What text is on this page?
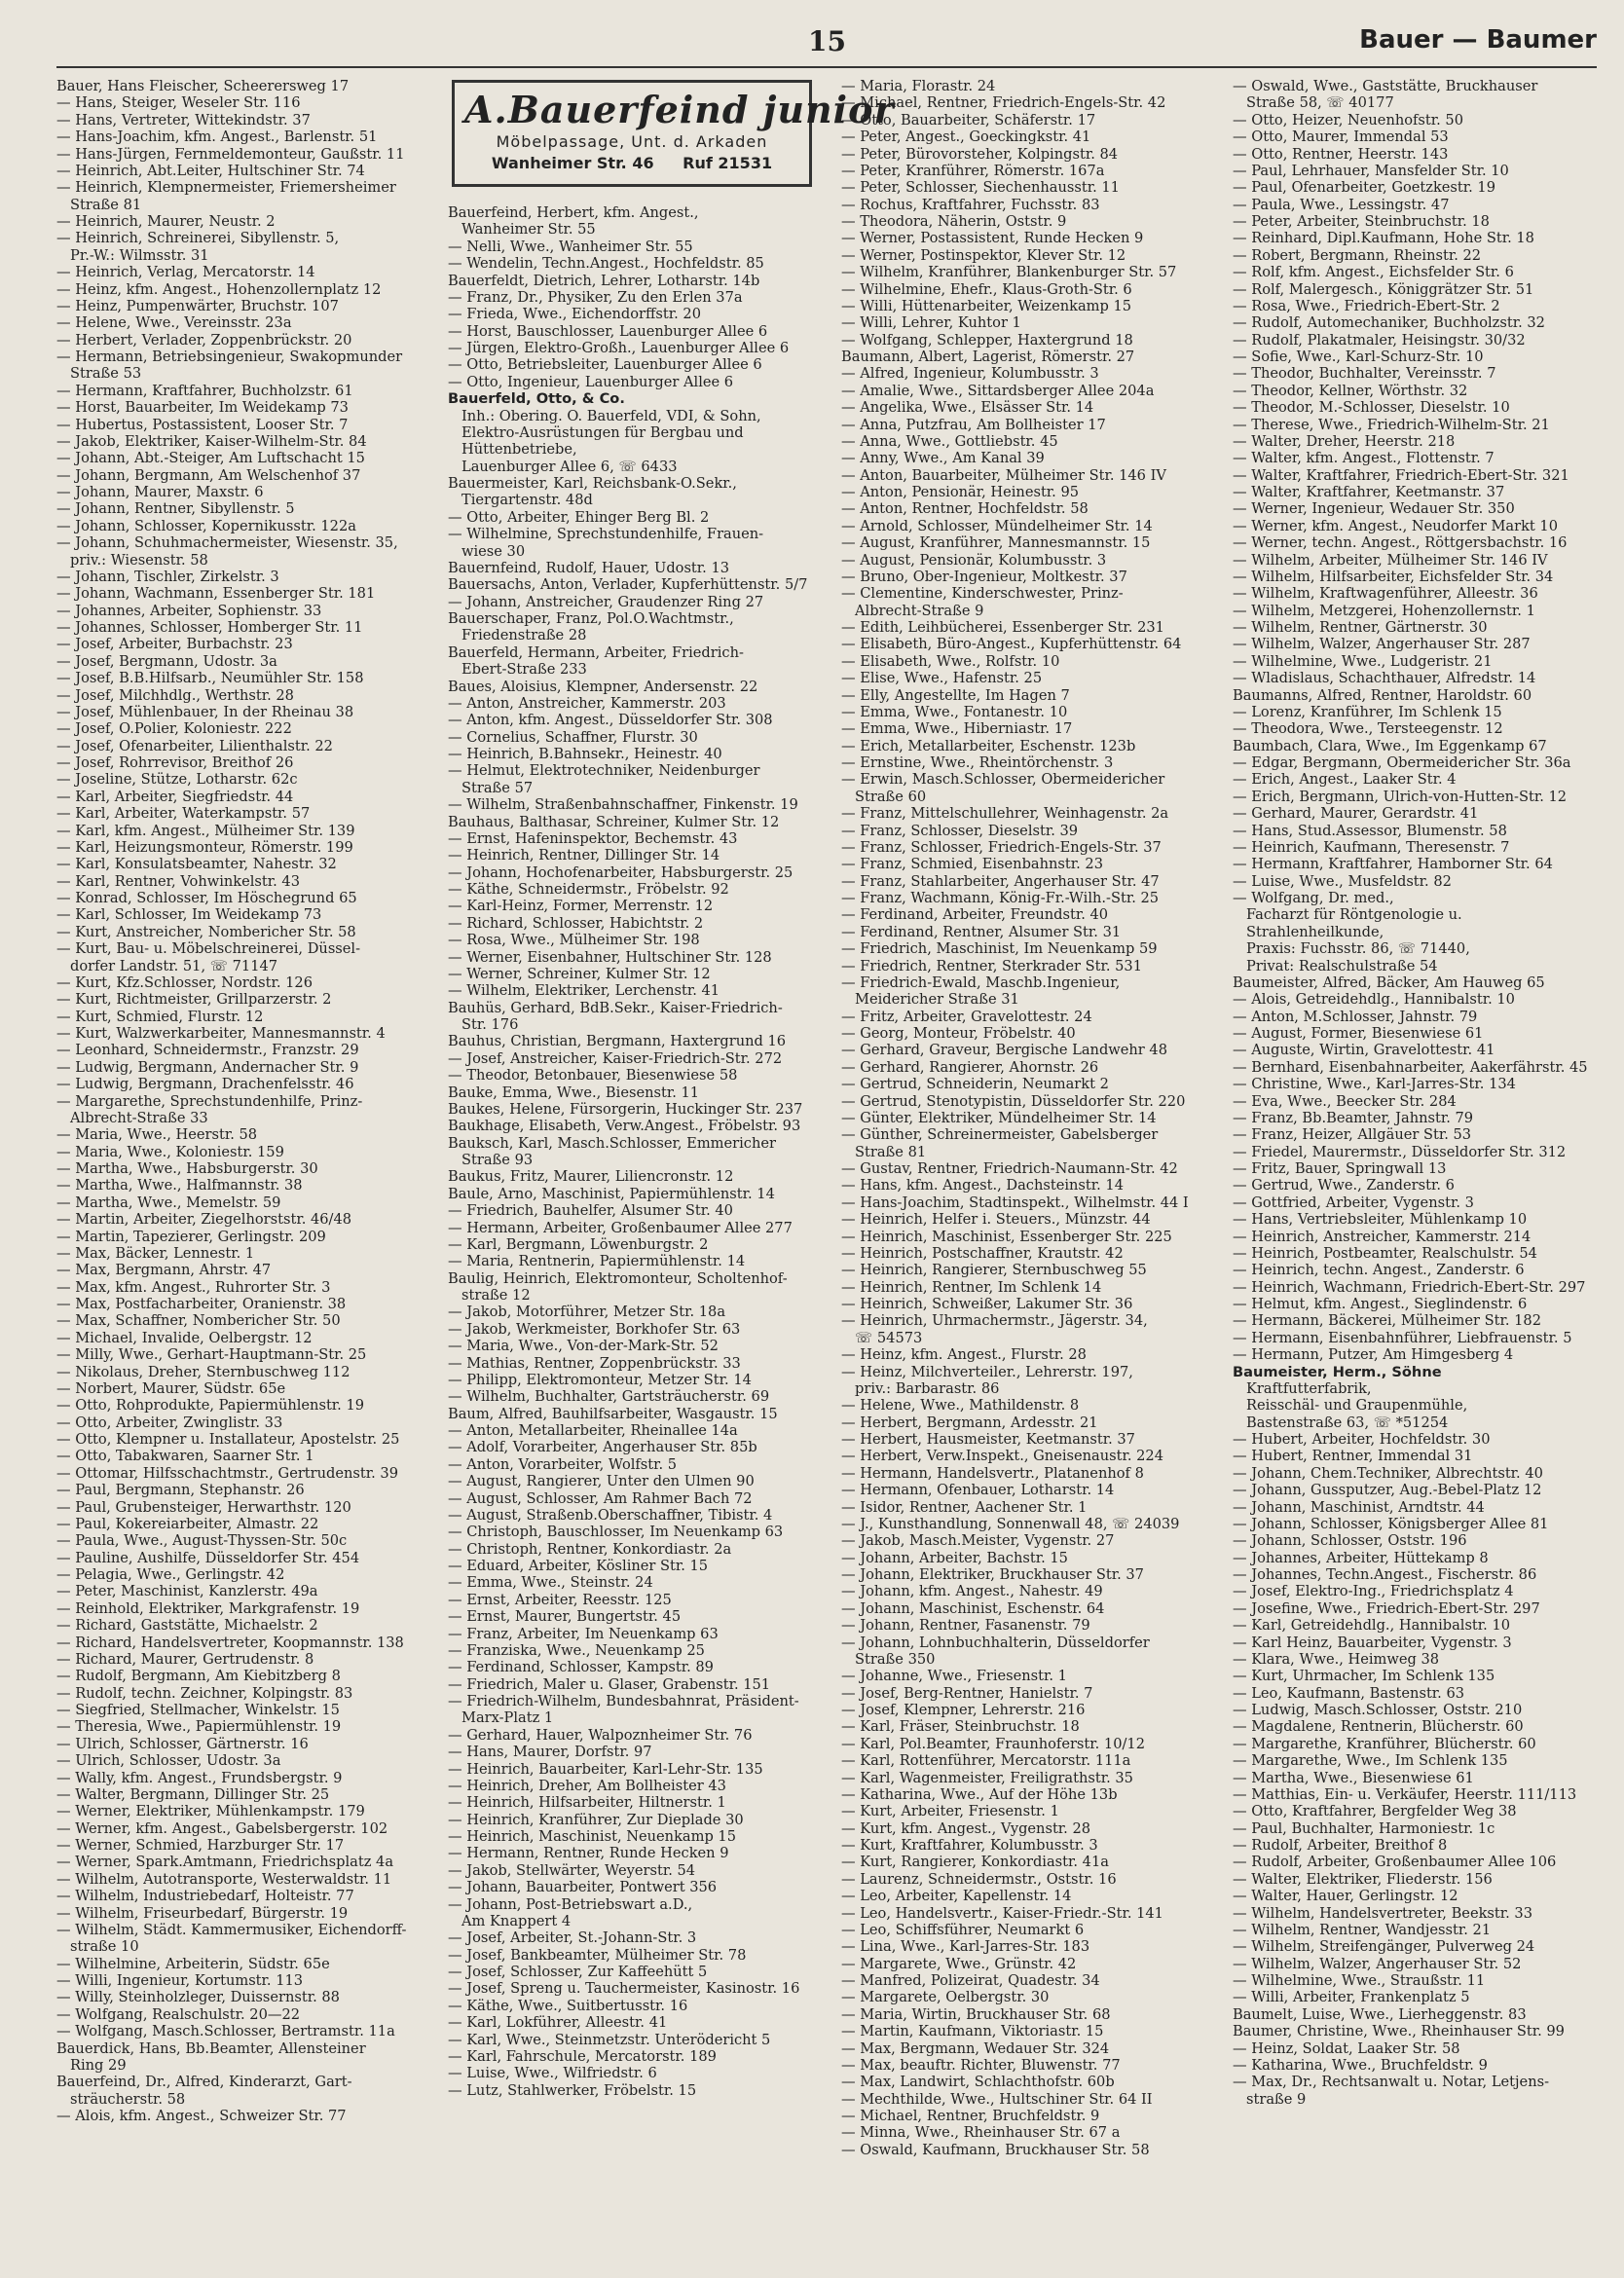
15	Bauer — Baumer
Bauer, Hans Fleischer, Scheerersweg 17
— Hans, Steiger, Weseler Str. 116
— Hans, Vertreter, Wittekindstr. 37
— Hans-Joachim, kfm. Angest., Barlenstr. 51
— Hans-Jürgen, Fernmeldemonteur, Gaußstr. 11
— Heinrich, Abt.Leiter, Hultschiner Str. 74
— Heinrich, Klempnermeister, Friemersheimer
Straße 81
— Heinrich, Maurer, Neustr. 2
— Heinrich, Schreinerei, Sibyllenstr. 5,
Pr.-W.: Wilmsstr. 31
— Heinrich, Verlag, Mercatorstr. 14
— Heinz, kfm. Angest., Hohenzollernplatz 12
— Heinz, Pumpenwärter, Bruchstr. 107
— Helene, Wwe., Vereinsstr. 23a
— Herbert, Verlader, Zoppenbrückstr. 20
— Hermann, Betriebsingenieur, Swakopmunder
Straße 53
— Hermann, Kraftfahrer, Buchholzstr. 61
— Horst, Bauarbeiter, Im Weidekamp 73
— Hubertus, Postassistent, Looser Str. 7
— Jakob, Elektriker, Kaiser-Wilhelm-Str. 84
— Johann, Abt.-Steiger, Am Luftschacht 15
— Johann, Bergmann, Am Welschenhof 37
— Johann, Maurer, Maxstr. 6
— Johann, Rentner, Sibyllenstr. 5
— Johann, Schlosser, Kopernikusstr. 122a
— Johann, Schuhmachermeister, Wiesenstr. 35,
priv.: Wiesenstr. 58
— Johann, Tischler, Zirkelstr. 3
— Johann, Wachmann, Essenberger Str. 181
— Johannes, Arbeiter, Sophienstr. 33
— Johannes, Schlosser, Homberger Str. 11
— Josef, Arbeiter, Burbachstr. 23
— Josef, Bergmann, Udostr. 3a
— Josef, B.B.Hilfsarb., Neumühler Str. 158
— Josef, Milchhdlg., Werthstr. 28
— Josef, Mühlenbauer, In der Rheinau 38
— Josef, O.Polier, Koloniestr. 222
— Josef, Ofenarbeiter, Lilienthalstr. 22
— Josef, Rohrrevisor, Breithof 26
— Joseline, Stütze, Lotharstr. 62c
— Karl, Arbeiter, Siegfriedstr. 44
— Karl, Arbeiter, Waterkampstr. 57
— Karl, kfm. Angest., Mülheimer Str. 139
— Karl, Heizungsmonteur, Römerstr. 199
— Karl, Konsulatsbeamter, Nahestr. 32
— Karl, Rentner, Vohwinkelstr. 43
— Konrad, Schlosser, Im Höschegrund 65
— Karl, Schlosser, Im Weidekamp 73
— Kurt, Anstreicher, Nombericher Str. 58
— Kurt, Bau- u. Möbelschreinerei, Düssel-
dorfer Landstr. 51, ☏ 71147
— Kurt, Kfz.Schlosser, Nordstr. 126
— Kurt, Richtmeister, Grillparzerstr. 2
— Kurt, Schmied, Flurstr. 12
— Kurt, Walzwerkarbeiter, Mannesmannstr. 4
— Leonhard, Schneidermstr., Franzstr. 29
— Ludwig, Bergmann, Andernacher Str. 9
— Ludwig, Bergmann, Drachenfelsstr. 46
— Margarethe, Sprechstundenhilfe, Prinz-
Albrecht-Straße 33
— Maria, Wwe., Heerstr. 58
— Maria, Wwe., Koloniestr. 159
— Martha, Wwe., Habsburgerstr. 30
— Martha, Wwe., Halfmannstr. 38
— Martha, Wwe., Memelstr. 59
— Martin, Arbeiter, Ziegelhorststr. 46/48
— Martin, Tapezierer, Gerlingstr. 209
— Max, Bäcker, Lennestr. 1
— Max, Bergmann, Ahrstr. 47
— Max, kfm. Angest., Ruhrorter Str. 3
— Max, Postfacharbeiter, Oranienstr. 38
— Max, Schaffner, Nombericher Str. 50
— Michael, Invalide, Oelbergstr. 12
— Milly, Wwe., Gerhart-Hauptmann-Str. 25
— Nikolaus, Dreher, Sternbuschweg 112
— Norbert, Maurer, Südstr. 65e
— Otto, Rohprodukte, Papiermühlenstr. 19
— Otto, Arbeiter, Zwinglistr. 33
— Otto, Klempner u. Installateur, Apostelstr. 25
— Otto, Tabakwaren, Saarner Str. 1
— Ottomar, Hilfsschachtmstr., Gertrudenstr. 39
— Paul, Bergmann, Stephanstr. 26
— Paul, Grubensteiger, Herwarthstr. 120
— Paul, Kokereiarbeiter, Almastr. 22
— Paula, Wwe., August-Thyssen-Str. 50c
— Pauline, Aushilfe, Düsseldorfer Str. 454
— Pelagia, Wwe., Gerlingstr. 42
— Peter, Maschinist, Kanzlerstr. 49a
— Reinhold, Elektriker, Markgrafenstr. 19
— Richard, Gaststätte, Michaelstr. 2
— Richard, Handelsvertreter, Koopmannstr. 138
— Richard, Maurer, Gertrudenstr. 8
— Rudolf, Bergmann, Am Kiebitzberg 8
— Rudolf, techn. Zeichner, Kolpingstr. 83
— Siegfried, Stellmacher, Winkelstr. 15
— Theresia, Wwe., Papiermühlenstr. 19
— Ulrich, Schlosser, Gärtnerstr. 16
— Ulrich, Schlosser, Udostr. 3a
— Wally, kfm. Angest., Frundsbergstr. 9
— Walter, Bergmann, Dillinger Str. 25
— Werner, Elektriker, Mühlenkampstr. 179
— Werner, kfm. Angest., Gabelsbergerstr. 102
— Werner, Schmied, Harzburger Str. 17
— Werner, Spark.Amtmann, Friedrichsplatz 4a
— Wilhelm, Autotransporte, Westerwaldstr. 11
— Wilhelm, Industriebedarf, Holteistr. 77
— Wilhelm, Friseurbedarf, Bürgerstr. 19
— Wilhelm, Städt. Kammermusiker, Eichendorff-
straße 10
— Wilhelmine, Arbeiterin, Südstr. 65e
— Willi, Ingenieur, Kortumstr. 113
— Willy, Steinholzleger, Duissernstr. 88
— Wolfgang, Realschulstr. 20—22
— Wolfgang, Masch.Schlosser, Bertramstr. 11a
Bauerdick, Hans, Bb.Beamter, Allensteiner
Ring 29
Bauerfeind, Dr., Alfred, Kinderarzt, Gart-
sträucherstr. 58
— Alois, kfm. Angest., Schweizer Str. 77
A.Bauerfeind junior
Möbelpassage, Unt. d. Arkaden
Wanheimer Str. 46 Ruf 21531
Bauerfeind, Herbert, kfm. Angest.,
Wanheimer Str. 55
— Nelli, Wwe., Wanheimer Str. 55
— Wendelin, Techn.Angest., Hochfeldstr. 85
Bauerfeldt, Dietrich, Lehrer, Lotharstr. 14b
— Franz, Dr., Physiker, Zu den Erlen 37a
— Frieda, Wwe., Eichendorffstr. 20
— Horst, Bauschlosser, Lauenburger Allee 6
— Jürgen, Elektro-Großh., Lauenburger Allee 6
— Otto, Betriebsleiter, Lauenburger Allee 6
— Otto, Ingenieur, Lauenburger Allee 6
Bauerfeld, Otto, & Co.
Inh.: Obering. O. Bauerfeld, VDI, & Sohn,
Elektro-Ausrüstungen für Bergbau und
Hüttenbetriebe,
Lauenburger Allee 6, ☏ 6433
Bauermeister, Karl, Reichsbank-O.Sekr.,
Tiergartenstr. 48d
— Otto, Arbeiter, Ehinger Berg Bl. 2
— Wilhelmine, Sprechstundenhilfe, Frauen-
wiese 30
Bauernfeind, Rudolf, Hauer, Udostr. 13
Bauersachs, Anton, Verlader, Kupferhüttenstr. 5/7
— Johann, Anstreicher, Graudenzer Ring 27
Bauerschaper, Franz, Pol.O.Wachtmstr.,
Friedenstraße 28
Bauerfeld, Hermann, Arbeiter, Friedrich-
Ebert-Straße 233
Baues, Aloisius, Klempner, Andersenstr. 22
— Anton, Anstreicher, Kammerstr. 203
— Anton, kfm. Angest., Düsseldorfer Str. 308
— Cornelius, Schaffner, Flurstr. 30
— Heinrich, B.Bahnsekr., Heinestr. 40
— Helmut, Elektrotechniker, Neidenburger
Straße 57
— Wilhelm, Straßenbahnschaffner, Finkenstr. 19
Bauhaus, Balthasar, Schreiner, Kulmer Str. 12
— Ernst, Hafeninspektor, Bechemstr. 43
— Heinrich, Rentner, Dillinger Str. 14
— Johann, Hochofenarbeiter, Habsburgerstr. 25
— Käthe, Schneidermstr., Fröbelstr. 92
— Karl-Heinz, Former, Merrenstr. 12
— Richard, Schlosser, Habichtstr. 2
— Rosa, Wwe., Mülheimer Str. 198
— Werner, Eisenbahner, Hultschiner Str. 128
— Werner, Schreiner, Kulmer Str. 12
— Wilhelm, Elektriker, Lerchenstr. 41
Bauhüs, Gerhard, BdB.Sekr., Kaiser-Friedrich-
Str. 176
Bauhus, Christian, Bergmann, Haxtergrund 16
— Josef, Anstreicher, Kaiser-Friedrich-Str. 272
— Theodor, Betonbauer, Biesenwiese 58
Bauke, Emma, Wwe., Biesenstr. 11
Baukes, Helene, Fürsorgerin, Huckinger Str. 237
Baukhage, Elisabeth, Verw.Angest., Fröbelstr. 93
Bauksch, Karl, Masch.Schlosser, Emmericher
Straße 93
Baukus, Fritz, Maurer, Liliencronstr. 12
Baule, Arno, Maschinist, Papiermühlenstr. 14
— Friedrich, Bauhelfer, Alsumer Str. 40
— Hermann, Arbeiter, Großenbaumer Allee 277
— Karl, Bergmann, Löwenburgstr. 2
— Maria, Rentnerin, Papiermühlenstr. 14
Baulig, Heinrich, Elektromonteur, Scholtenhof-
straße 12
— Jakob, Motorführer, Metzer Str. 18a
— Jakob, Werkmeister, Borkhofer Str. 63
— Maria, Wwe., Von-der-Mark-Str. 52
— Mathias, Rentner, Zoppenbrückstr. 33
— Philipp, Elektromonteur, Metzer Str. 14
— Wilhelm, Buchhalter, Gartsträucherstr. 69
Baum, Alfred, Bauhilfsarbeiter, Wasgaustr. 15
— Anton, Metallarbeiter, Rheinallee 14a
— Adolf, Vorarbeiter, Angerhauser Str. 85b
— Anton, Vorarbeiter, Wolfstr. 5
— August, Rangierer, Unter den Ulmen 90
— August, Schlosser, Am Rahmer Bach 72
— August, Straßenb.Oberschaffner, Tibistr. 4
— Christoph, Bauschlosser, Im Neuenkamp 63
— Christoph, Rentner, Konkordiastr. 2a
— Eduard, Arbeiter, Kösliner Str. 15
— Emma, Wwe., Steinstr. 24
— Ernst, Arbeiter, Reesstr. 125
— Ernst, Maurer, Bungertstr. 45
— Franz, Arbeiter, Im Neuenkamp 63
— Franziska, Wwe., Neuenkamp 25
— Ferdinand, Schlosser, Kampstr. 89
— Friedrich, Maler u. Glaser, Grabenstr. 151
— Friedrich-Wilhelm, Bundesbahnrat, Präsident-
Marx-Platz 1
— Gerhard, Hauer, Walpoznheimer Str. 76
— Hans, Maurer, Dorfstr. 97
— Heinrich, Bauarbeiter, Karl-Lehr-Str. 135
— Heinrich, Dreher, Am Bollheister 43
— Heinrich, Hilfsarbeiter, Hiltnerstr. 1
— Heinrich, Kranführer, Zur Dieplade 30
— Heinrich, Maschinist, Neuenkamp 15
— Hermann, Rentner, Runde Hecken 9
— Jakob, Stellwärter, Weyerstr. 54
— Johann, Bauarbeiter, Pontwert 356
— Johann, Post-Betriebswart a.D.,
Am Knappert 4
— Josef, Arbeiter, St.-Johann-Str. 3
— Josef, Bankbeamter, Mülheimer Str. 78
— Josef, Schlosser, Zur Kaffeehütt 5
— Josef, Spreng u. Tauchermeister, Kasinostr. 16
— Käthe, Wwe., Suitbertusstr. 16
— Karl, Lokführer, Alleestr. 41
— Karl, Wwe., Steinmetzstr. Unterödericht 5
— Karl, Fahrschule, Mercatorstr. 189
— Luise, Wwe., Wilfriedstr. 6
— Lutz, Stahlwerker, Fröbelstr. 15
— Maria, Florastr. 24
— Michael, Rentner, Friedrich-Engels-Str. 42
— Otto, Bauarbeiter, Schäferstr. 17
— Peter, Angest., Goeckingkstr. 41
— Peter, Bürovorsteher, Kolpingstr. 84
— Peter, Kranführer, Römerstr. 167a
— Peter, Schlosser, Siechenhausstr. 11
— Rochus, Kraftfahrer, Fuchsstr. 83
— Theodora, Näherin, Oststr. 9
— Werner, Postassistent, Runde Hecken 9
— Werner, Postinspektor, Klever Str. 12
— Wilhelm, Kranführer, Blankenburger Str. 57
— Wilhelmine, Ehefr., Klaus-Groth-Str. 6
— Willi, Hüttenarbeiter, Weizenkamp 15
— Willi, Lehrer, Kuhtor 1
— Wolfgang, Schlepper, Haxtergrund 18
Baumann, Albert, Lagerist, Römerstr. 27
— Alfred, Ingenieur, Kolumbusstr. 3
— Amalie, Wwe., Sittardsberger Allee 204a
— Angelika, Wwe., Elsässer Str. 14
— Anna, Putzfrau, Am Bollheister 17
— Anna, Wwe., Gottliebstr. 45
— Anny, Wwe., Am Kanal 39
— Anton, Bauarbeiter, Mülheimer Str. 146 IV
— Anton, Pensionär, Heinestr. 95
— Anton, Rentner, Hochfeldstr. 58
— Arnold, Schlosser, Mündelheimer Str. 14
— August, Kranführer, Mannesmannstr. 15
— August, Pensionär, Kolumbusstr. 3
— Bruno, Ober-Ingenieur, Moltkestr. 37
— Clementine, Kinderschwester, Prinz-
Albrecht-Straße 9
— Edith, Leihbücherei, Essenberger Str. 231
— Elisabeth, Büro-Angest., Kupferhüttenstr. 64
— Elisabeth, Wwe., Rolfstr. 10
— Elise, Wwe., Hafenstr. 25
— Elly, Angestellte, Im Hagen 7
— Emma, Wwe., Fontanestr. 10
— Emma, Wwe., Hiberniastr. 17
— Erich, Metallarbeiter, Eschenstr. 123b
— Ernstine, Wwe., Rheintörchenstr. 3
— Erwin, Masch.Schlosser, Obermeidericher
Straße 60
— Franz, Mittelschullehrer, Weinhagenstr. 2a
— Franz, Schlosser, Dieselstr. 39
— Franz, Schlosser, Friedrich-Engels-Str. 37
— Franz, Schmied, Eisenbahnstr. 23
— Franz, Stahlarbeiter, Angerhauser Str. 47
— Franz, Wachmann, König-Fr.-Wilh.-Str. 25
— Ferdinand, Arbeiter, Freundstr. 40
— Ferdinand, Rentner, Alsumer Str. 31
— Friedrich, Maschinist, Im Neuenkamp 59
— Friedrich, Rentner, Sterkrader Str. 531
— Friedrich-Ewald, Maschb.Ingenieur,
Meidericher Straße 31
— Fritz, Arbeiter, Gravelottestr. 24
— Georg, Monteur, Fröbelstr. 40
— Gerhard, Graveur, Bergische Landwehr 48
— Gerhard, Rangierer, Ahornstr. 26
— Gertrud, Schneiderin, Neumarkt 2
— Gertrud, Stenotypistin, Düsseldorfer Str. 220
— Günter, Elektriker, Mündelheimer Str. 14
— Günther, Schreinermeister, Gabelsberger
Straße 81
— Gustav, Rentner, Friedrich-Naumann-Str. 42
— Hans, kfm. Angest., Dachsteinstr. 14
— Hans-Joachim, Stadtinspekt., Wilhelmstr. 44 I
— Heinrich, Helfer i. Steuers., Münzstr. 44
— Heinrich, Maschinist, Essenberger Str. 225
— Heinrich, Postschaffner, Krautstr. 42
— Heinrich, Rangierer, Sternbuschweg 55
— Heinrich, Rentner, Im Schlenk 14
— Heinrich, Schweißer, Lakumer Str. 36
— Heinrich, Uhrmachermstr., Jägerstr. 34,
☏ 54573
— Heinz, kfm. Angest., Flurstr. 28
— Heinz, Milchverteiler., Lehrerstr. 197,
priv.: Barbarastr. 86
— Helene, Wwe., Mathildenstr. 8
— Herbert, Bergmann, Ardesstr. 21
— Herbert, Hausmeister, Keetmanstr. 37
— Herbert, Verw.Inspekt., Gneisenaustr. 224
— Hermann, Handelsvertr., Platanenhof 8
— Hermann, Ofenbauer, Lotharstr. 14
— Isidor, Rentner, Aachener Str. 1
— J., Kunsthandlung, Sonnenwall 48, ☏ 24039
— Jakob, Masch.Meister, Vygenstr. 27
— Johann, Arbeiter, Bachstr. 15
— Johann, Elektriker, Bruckhauser Str. 37
— Johann, kfm. Angest., Nahestr. 49
— Johann, Maschinist, Eschenstr. 64
— Johann, Rentner, Fasanenstr. 79
— Johann, Lohnbuchhalterin, Düsseldorfer
Straße 350
— Johanne, Wwe., Friesenstr. 1
— Josef, Berg-Rentner, Hanielstr. 7
— Josef, Klempner, Lehrerstr. 216
— Karl, Fräser, Steinbruchstr. 18
— Karl, Pol.Beamter, Fraunhoferstr. 10/12
— Karl, Rottenführer, Mercatorstr. 111a
— Karl, Wagenmeister, Freiligrathstr. 35
— Katharina, Wwe., Auf der Höhe 13b
— Kurt, Arbeiter, Friesenstr. 1
— Kurt, kfm. Angest., Vygenstr. 28
— Kurt, Kraftfahrer, Kolumbusstr. 3
— Kurt, Rangierer, Konkordiastr. 41a
— Laurenz, Schneidermstr., Oststr. 16
— Leo, Arbeiter, Kapellenstr. 14
— Leo, Handelsvertr., Kaiser-Friedr.-Str. 141
— Leo, Schiffsführer, Neumarkt 6
— Lina, Wwe., Karl-Jarres-Str. 183
— Margarete, Wwe., Grünstr. 42
— Manfred, Polizeirat, Quadestr. 34
— Margarete, Oelbergstr. 30
— Maria, Wirtin, Bruckhauser Str. 68
— Martin, Kaufmann, Viktoriastr. 15
— Max, Bergmann, Wedauer Str. 324
— Max, beauftr. Richter, Bluwenstr. 77
— Max, Landwirt, Schlachthofstr. 60b
— Mechthilde, Wwe., Hultschiner Str. 64 II
— Michael, Rentner, Bruchfeldstr. 9
— Minna, Wwe., Rheinhauser Str. 67 a
— Oswald, Kaufmann, Bruckhauser Str. 58
— Oswald, Wwe., Gaststätte, Bruckhauser
Straße 58, ☏ 40177
— Otto, Heizer, Neuenhofstr. 50
— Otto, Maurer, Immendal 53
— Otto, Rentner, Heerstr. 143
— Paul, Lehrhauer, Mansfelder Str. 10
— Paul, Ofenarbeiter, Goetzkestr. 19
— Paula, Wwe., Lessingstr. 47
— Peter, Arbeiter, Steinbruchstr. 18
— Reinhard, Dipl.Kaufmann, Hohe Str. 18
— Robert, Bergmann, Rheinstr. 22
— Rolf, kfm. Angest., Eichsfelder Str. 6
— Rolf, Malergesch., Königgrätzer Str. 51
— Rosa, Wwe., Friedrich-Ebert-Str. 2
— Rudolf, Automechaniker, Buchholzstr. 32
— Rudolf, Plakatmaler, Heisingstr. 30/32
— Sofie, Wwe., Karl-Schurz-Str. 10
— Theodor, Buchhalter, Vereinsstr. 7
— Theodor, Kellner, Wörthstr. 32
— Theodor, M.-Schlosser, Dieselstr. 10
— Therese, Wwe., Friedrich-Wilhelm-Str. 21
— Walter, Dreher, Heerstr. 218
— Walter, kfm. Angest., Flottenstr. 7
— Walter, Kraftfahrer, Friedrich-Ebert-Str. 321
— Walter, Kraftfahrer, Keetmanstr. 37
— Werner, Ingenieur, Wedauer Str. 350
— Werner, kfm. Angest., Neudorfer Markt 10
— Werner, techn. Angest., Röttgersbachstr. 16
— Wilhelm, Arbeiter, Mülheimer Str. 146 IV
— Wilhelm, Hilfsarbeiter, Eichsfelder Str. 34
— Wilhelm, Kraftwagenführer, Alleestr. 36
— Wilhelm, Metzgerei, Hohenzollernstr. 1
— Wilhelm, Rentner, Gärtnerstr. 30
— Wilhelm, Walzer, Angerhauser Str. 287
— Wilhelmine, Wwe., Ludgeristr. 21
— Wladislaus, Schachthauer, Alfredstr. 14
Baumanns, Alfred, Rentner, Haroldstr. 60
— Lorenz, Kranführer, Im Schlenk 15
— Theodora, Wwe., Tersteegenstr. 12
Baumbach, Clara, Wwe., Im Eggenkamp 67
— Edgar, Bergmann, Obermeidericher Str. 36a
— Erich, Angest., Laaker Str. 4
— Erich, Bergmann, Ulrich-von-Hutten-Str. 12
— Gerhard, Maurer, Gerardstr. 41
— Hans, Stud.Assessor, Blumenstr. 58
— Heinrich, Kaufmann, Theresenstr. 7
— Hermann, Kraftfahrer, Hamborner Str. 64
— Luise, Wwe., Musfeldstr. 82
— Wolfgang, Dr. med.,
Facharzt für Röntgenologie u.
Strahlenheilkunde,
Praxis: Fuchsstr. 86, ☏ 71440,
Privat: Realschulstraße 54
Baumeister, Alfred, Bäcker, Am Hauweg 65
— Alois, Getreidehdlg., Hannibalstr. 10
— Anton, M.Schlosser, Jahnstr. 79
— August, Former, Biesenwiese 61
— Auguste, Wirtin, Gravelottestr. 41
— Bernhard, Eisenbahnarbeiter, Aakerfährstr. 45
— Christine, Wwe., Karl-Jarres-Str. 134
— Eva, Wwe., Beecker Str. 284
— Franz, Bb.Beamter, Jahnstr. 79
— Franz, Heizer, Allgäuer Str. 53
— Friedel, Maurermstr., Düsseldorfer Str. 312
— Fritz, Bauer, Springwall 13
— Gertrud, Wwe., Zanderstr. 6
— Gottfried, Arbeiter, Vygenstr. 3
— Hans, Vertriebsleiter, Mühlenkamp 10
— Heinrich, Anstreicher, Kammerstr. 214
— Heinrich, Postbeamter, Realschulstr. 54
— Heinrich, techn. Angest., Zanderstr. 6
— Heinrich, Wachmann, Friedrich-Ebert-Str. 297
— Helmut, kfm. Angest., Sieglindenstr. 6
— Hermann, Bäckerei, Mülheimer Str. 182
— Hermann, Eisenbahnführer, Liebfrauenstr. 5
— Hermann, Putzer, Am Himgesberg 4
Baumeister, Herm., Söhne
Kraftfutterfabrik,
Reisschäl- und Graupenmühle,
Bastenstraße 63, ☏ *51254
— Hubert, Arbeiter, Hochfeldstr. 30
— Hubert, Rentner, Immendal 31
— Johann, Chem.Techniker, Albrechtstr. 40
— Johann, Gussputzer, Aug.-Bebel-Platz 12
— Johann, Maschinist, Arndtstr. 44
— Johann, Schlosser, Königsberger Allee 81
— Johann, Schlosser, Oststr. 196
— Johannes, Arbeiter, Hüttekamp 8
— Johannes, Techn.Angest., Fischerstr. 86
— Josef, Elektro-Ing., Friedrichsplatz 4
— Josefine, Wwe., Friedrich-Ebert-Str. 297
— Karl, Getreidehdlg., Hannibalstr. 10
— Karl Heinz, Bauarbeiter, Vygenstr. 3
— Klara, Wwe., Heimweg 38
— Kurt, Uhrmacher, Im Schlenk 135
— Leo, Kaufmann, Bastenstr. 63
— Ludwig, Masch.Schlosser, Oststr. 210
— Magdalene, Rentnerin, Blücherstr. 60
— Margarethe, Kranführer, Blücherstr. 60
— Margarethe, Wwe., Im Schlenk 135
— Martha, Wwe., Biesenwiese 61
— Matthias, Ein- u. Verkäufer, Heerstr. 111/113
— Otto, Kraftfahrer, Bergfelder Weg 38
— Paul, Buchhalter, Harmoniestr. 1c
— Rudolf, Arbeiter, Breithof 8
— Rudolf, Arbeiter, Großenbaumer Allee 106
— Walter, Elektriker, Fliederstr. 156
— Walter, Hauer, Gerlingstr. 12
— Wilhelm, Handelsvertreter, Beekstr. 33
— Wilhelm, Rentner, Wandjesstr. 21
— Wilhelm, Streifengänger, Pulverweg 24
— Wilhelm, Walzer, Angerhauser Str. 52
— Wilhelmine, Wwe., Straußstr. 11
— Willi, Arbeiter, Frankenplatz 5
Baumelt, Luise, Wwe., Lierheggenstr. 83
Baumer, Christine, Wwe., Rheinhauser Str. 99
— Heinz, Soldat, Laaker Str. 58
— Katharina, Wwe., Bruchfeldstr. 9
— Max, Dr., Rechtsanwalt u. Notar, Letjens-
straße 9
